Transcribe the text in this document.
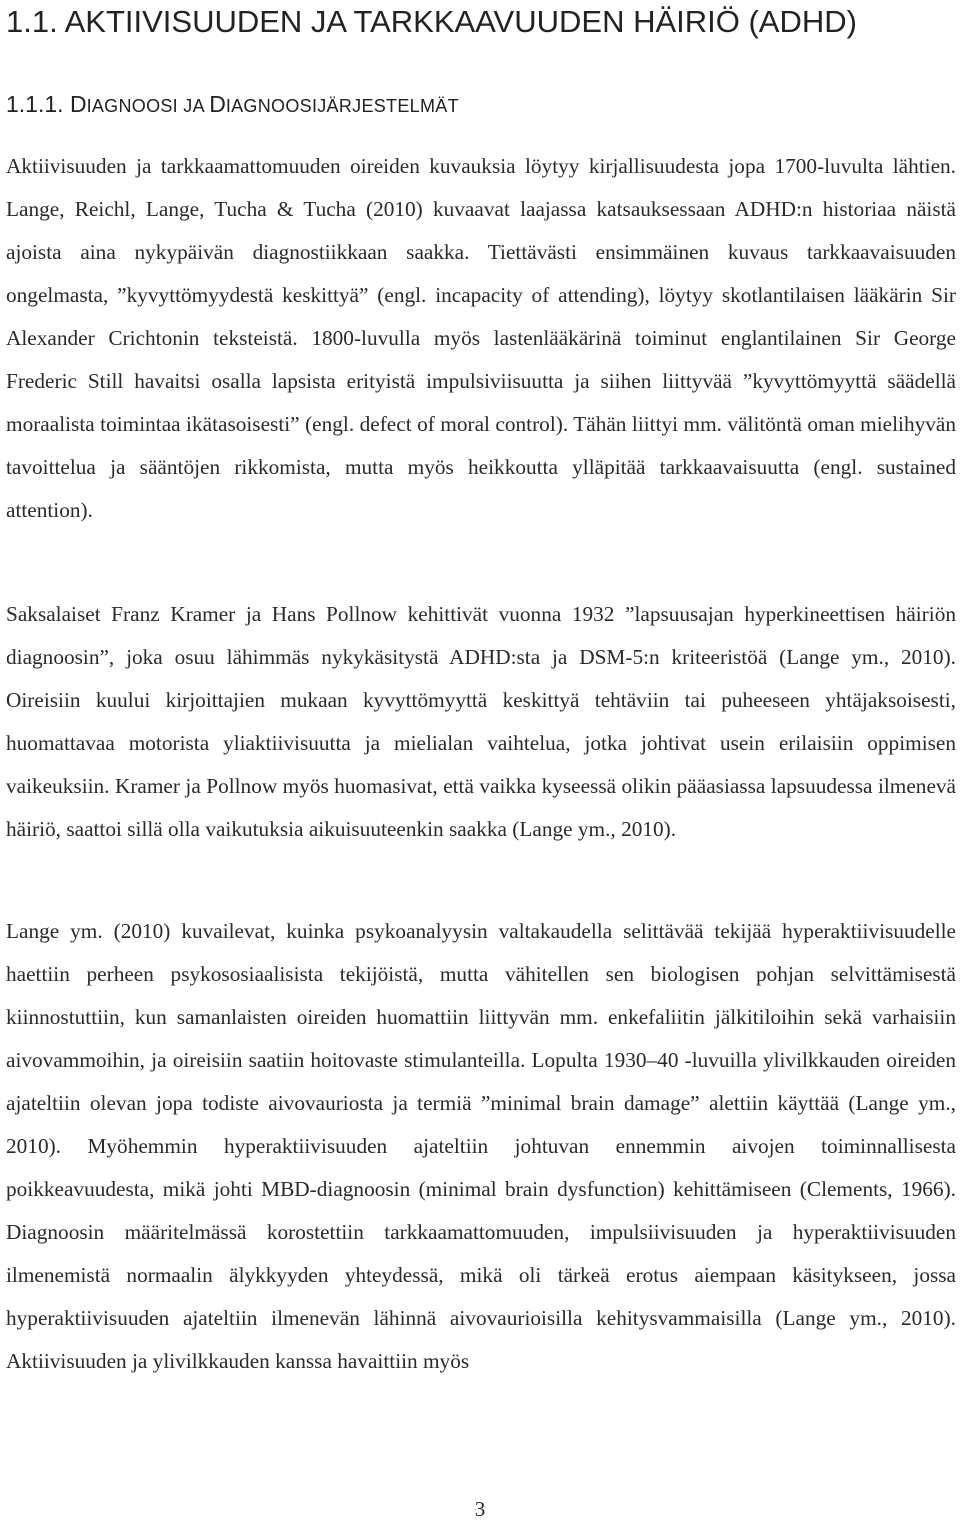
1.1. AKTIIVISUUDEN JA TARKKAAVUUDEN HÄIRIÖ (ADHD)
1.1.1. DIAGNOOSI JA DIAGNOOSIJÄRJESTELMÄT

Aktiivisuuden ja tarkkaamattomuuden oireiden kuvauksia löytyy kirjallisuudesta jopa 1700-luvulta lähtien. Lange, Reichl, Lange, Tucha & Tucha (2010) kuvaavat laajassa katsauksessaan ADHD:n historiaa näistä ajoista aina nykypäivän diagnostiikkaan saakka. Tiettävästi ensimmäinen kuvaus tarkkaavaisuuden ongelmasta, ”kyvyttömyydestä keskittyä” (engl. incapacity of attending), löytyy skotlantilaisen lääkärin Sir Alexander Crichtonin teksteistä. 1800-luvulla myös lastenlääkärinä toiminut englantilainen Sir George Frederic Still havaitsi osalla lapsista erityistä impulsiviisuutta ja siihen liittyvää ”kyvyttömyyttä säädellä moraalista toimintaa ikätasoisesti” (engl. defect of moral control). Tähän liittyi mm. välitöntä oman mielihyvän tavoittelua ja sääntöjen rikkomista, mutta myös heikkoutta ylläpitää tarkkaavaisuutta (engl. sustained attention).

Saksalaiset Franz Kramer ja Hans Pollnow kehittivät vuonna 1932 ”lapsuusajan hyperkineettisen häiriön diagnoosin”, joka osuu lähimmäs nykykäsitystä ADHD:sta ja DSM-5:n kriteeristöä (Lange ym., 2010). Oireisiin kuului kirjoittajien mukaan kyvyttömyyttä keskittyä tehtäviin tai puheeseen yhtäjaksoisesti, huomattavaa motorista yliaktiivisuutta ja mielialan vaihtelua, jotka johtivat usein erilaisiin oppimisen vaikeuksiin. Kramer ja Pollnow myös huomasivat, että vaikka kyseessä olikin pääasiassa lapsuudessa ilmenevä häiriö, saattoi sillä olla vaikutuksia aikuisuuteenkin saakka (Lange ym., 2010).

Lange ym. (2010) kuvailevat, kuinka psykoanalyysin valtakaudella selittävää tekijää hyperaktiivisuudelle haettiin perheen psykososiaalisista tekijöistä, mutta vähitellen sen biologisen pohjan selvittämisestä kiinnostuttiin, kun samanlaisten oireiden huomattiin liittyvän mm. enkefaliitin jälkitiloihin sekä varhaisiin aivovammoihin, ja oireisiin saatiin hoitovaste stimulanteilla. Lopulta 1930–40 -luvuilla ylivilkkauden oireiden ajateltiin olevan jopa todiste aivovauriosta ja termiä ”minimal brain damage” alettiin käyttää (Lange ym., 2010). Myöhemmin hyperaktiivisuuden ajateltiin johtuvan ennemmin aivojen toiminnallisesta poikkeavuudesta, mikä johti MBD-diagnoosin (minimal brain dysfunction) kehittämiseen (Clements, 1966). Diagnoosin määritelmässä korostettiin tarkkaamattomuuden, impulsiivisuuden ja hyperaktiivisuuden ilmenemistä normaalin älykkyyden yhteydessä, mikä oli tärkeä erotus aiempaan käsitykseen, jossa hyperaktiivisuuden ajateltiin ilmenevän lähinnä aivovaurioisilla kehitysvammaisilla (Lange ym., 2010). Aktiivisuuden ja ylivilkkauden kanssa havaittiin myös

3
